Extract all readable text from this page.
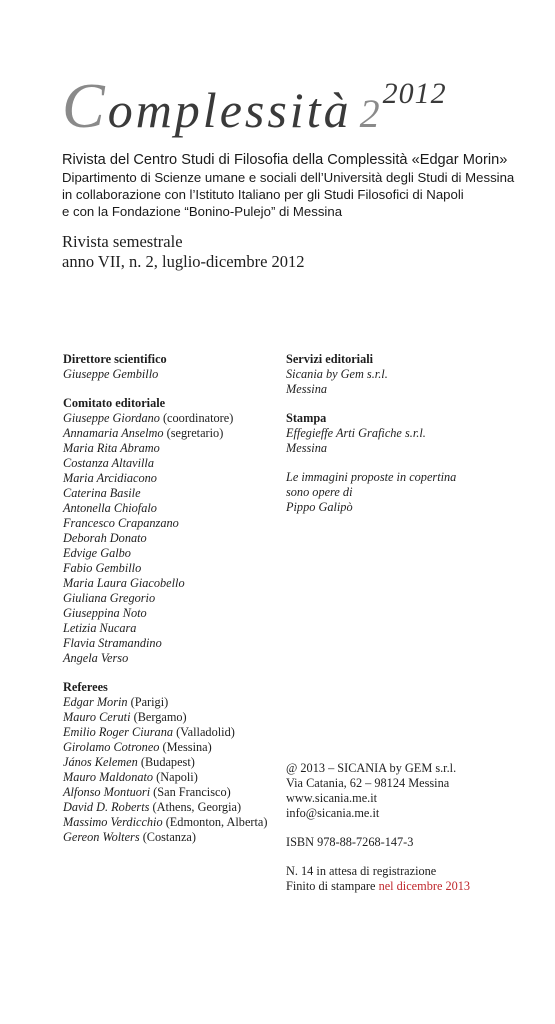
Complessità $2^{2012}$
Rivista del Centro Studi di Filosofia della Complessità «Edgar Morin»
Dipartimento di Scienze umane e sociali dell’Università degli Studi di Messina
in collaborazione con l’Istituto Italiano per gli Studi Filosofici di Napoli
e con la Fondazione “Bonino-Pulejo” di Messina
Rivista semestrale
anno VII, n. 2, luglio-dicembre 2012
Direttore scientifico
Giuseppe Gembillo
Comitato editoriale
Giuseppe Giordano (coordinatore)
Annamaria Anselmo (segretario)
Maria Rita Abramo
Costanza Altavilla
Maria Arcidiacono
Caterina Basile
Antonella Chiofalo
Francesco Crapanzano
Deborah Donato
Edvige Galbo
Fabio Gembillo
Maria Laura Giacobello
Giuliana Gregorio
Giuseppina Noto
Letizia Nucara
Flavia Stramandino
Angela Verso
Referees
Edgar Morin (Parigi)
Mauro Ceruti (Bergamo)
Emilio Roger Ciurana (Valladolid)
Girolamo Cotroneo (Messina)
János Kelemen (Budapest)
Mauro Maldonato (Napoli)
Alfonso Montuori (San Francisco)
David D. Roberts (Athens, Georgia)
Massimo Verdicchio (Edmonton, Alberta)
Gereon Wolters (Costanza)
Servizi editoriali
Sicania by Gem s.r.l.
Messina
Stampa
Effegieffe Arti Grafiche s.r.l.
Messina
Le immagini proposte in copertina
sono opere di
Pippo Galipò
@ 2013 – SICANIA by GEM s.r.l.
Via Catania, 62 – 98124 Messina
www.sicania.me.it
info@sicania.me.it
ISBN 978-88-7268-147-3
N. 14 in attesa di registrazione
Finito di stampare nel dicembre 2013
